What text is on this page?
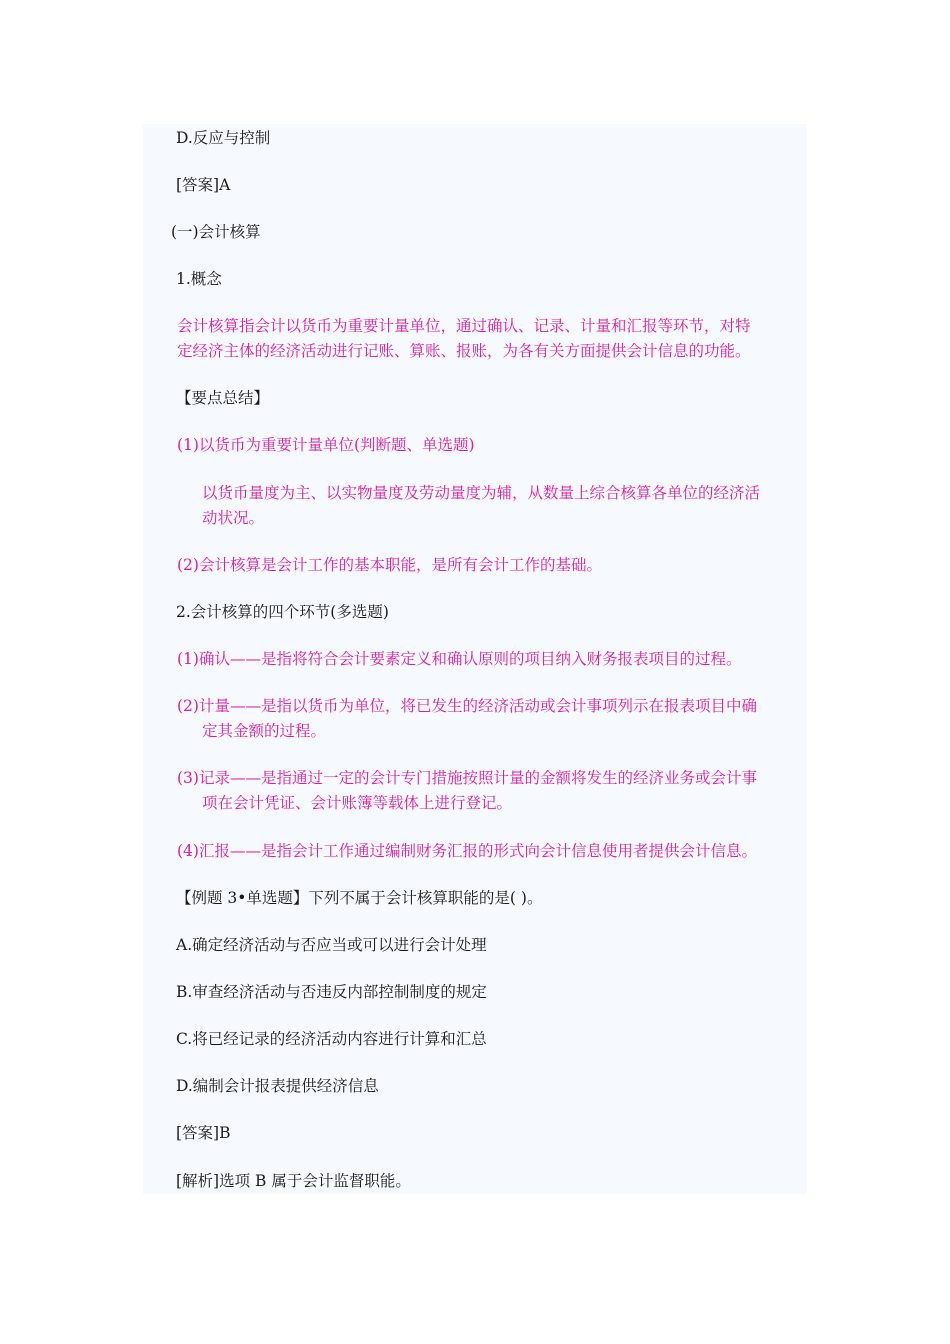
D.反应与控制

[答案]A

(一)会计核算

1.概念

会计核算指会计以货币为重要计量单位，通过确认、记录、计量和汇报等环节，对特

定经济主体的经济活动进行记账、算账、报账，为各有关方面提供会计信息的功能。

【要点总结】

(1)以货币为重要计量单位(判断题、单选题)

以货币量度为主、以实物量度及劳动量度为辅，从数量上综合核算各单位的经济活

动状况。

(2)会计核算是会计工作的基本职能，是所有会计工作的基础。

2.会计核算的四个环节(多选题)

(1)确认——是指将符合会计要素定义和确认原则的项目纳入财务报表项目的过程。

(2)计量——是指以货币为单位，将已发生的经济活动或会计事项列示在报表项目中确

定其金额的过程。

(3)记录——是指通过一定的会计专门措施按照计量的金额将发生的经济业务或会计事

项在会计凭证、会计账簿等载体上进行登记。

(4)汇报——是指会计工作通过编制财务汇报的形式向会计信息使用者提供会计信息。

【例题 3•单选题】下列不属于会计核算职能的是( )。

A.确定经济活动与否应当或可以进行会计处理

B.审查经济活动与否违反内部控制制度的规定

C.将已经记录的经济活动内容进行计算和汇总

D.编制会计报表提供经济信息

[答案]B

[解析]选项 B 属于会计监督职能。
